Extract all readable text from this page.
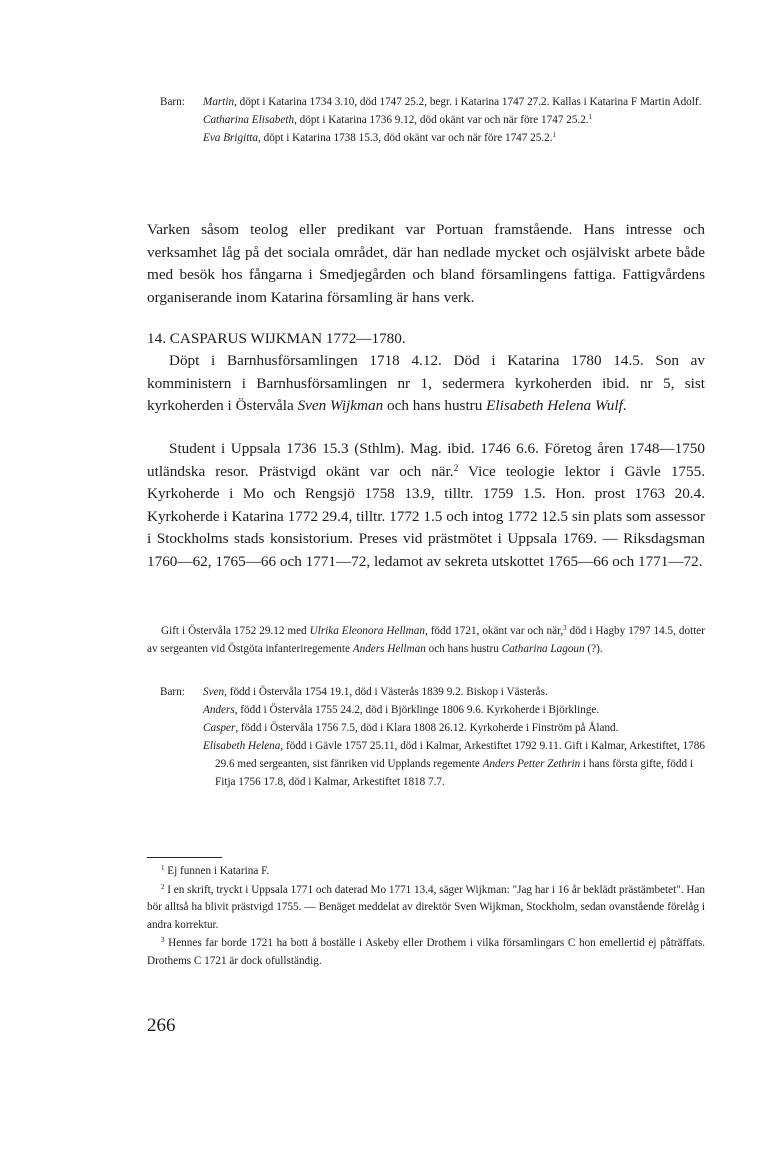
Barn: Martin, döpt i Katarina 1734 3.10, död 1747 25.2, begr. i Katarina 1747 27.2. Kallas i Katarina F Martin Adolf.
Catharina Elisabeth, döpt i Katarina 1736 9.12, död okänt var och när före 1747 25.2.$^1$
Eva Brigitta, döpt i Katarina 1738 15.3, död okänt var och när före 1747 25.2.$^1$

Varken såsom teolog eller predikant var Portuan framstående. Hans intresse och verksamhet låg på det sociala området, där han nedlade mycket och osjälviskt arbete både med besök hos fångarna i Smedjegården och bland församlingens fattiga. Fattigvårdens organiserande inom Katarina församling är hans verk.

14. CASPARUS WIJKMAN 1772—1780.

Döpt i Barnhusförsamlingen 1718 4.12. Död i Katarina 1780 14.5. Son av komministern i Barnhusförsamlingen nr 1, sedermera kyrkoherden ibid. nr 5, sist kyrkoherden i Östervåla Sven Wijkman och hans hustru Elisabeth Helena Wulf.

Student i Uppsala 1736 15.3 (Sthlm). Mag. ibid. 1746 6.6. Företog åren 1748—1750 utländska resor. Prästvigd okänt var och när.$^2$ Vice teologie lektor i Gävle 1755. Kyrkoherde i Mo och Rengsjö 1758 13.9, tilltr. 1759 1.5. Hon. prost 1763 20.4. Kyrkoherde i Katarina 1772 29.4, tilltr. 1772 1.5 och intog 1772 12.5 sin plats som assessor i Stockholms stads konsistorium. Preses vid prästmötet i Uppsala 1769. — Riksdagsman 1760—62, 1765—66 och 1771—72, ledamot av sekreta utskottet 1765—66 och 1771—72.

Gift i Östervåla 1752 29.12 med Ulrika Eleonora Hellman, född 1721, okänt var och när,$^3$ död i Hagby 1797 14.5, dotter av sergeanten vid Östgöta infanteriregemente Anders Hellman och hans hustru Catharina Lagoun (?).
Barn: Sven, född i Östervåla 1754 19.1, död i Västerås 1839 9.2. Biskop i Västerås.
Anders, född i Östervåla 1755 24.2, död i Björklinge 1806 9.6. Kyrkoherde i Björklinge.
Casper, född i Östervåla 1756 7.5, död i Klara 1808 26.12. Kyrkoherde i Finström på Åland.
Elisabeth Helena, född i Gävle 1757 25.11, död i Kalmar, Arkestiftet 1792 9.11. Gift i Kalmar, Arkestiftet, 1786 29.6 med sergeanten, sist fänriken vid Upplands regemente Anders Petter Zethrin i hans första gifte, född i Fitja 1756 17.8, död i Kalmar, Arkestiftet 1818 7.7.

$^1$ Ej funnen i Katarina F.

$^2$ I en skrift, tryckt i Uppsala 1771 och daterad Mo 1771 13.4, säger Wijkman: "Jag har i 16 år beklädt prästämbetet". Han bör alltså ha blivit prästvigd 1755. — Benäget meddelat av direktör Sven Wijkman, Stockholm, sedan ovanstående förelåg i andra korrektur.

$^3$ Hennes far borde 1721 ha bott å boställe i Askeby eller Drothem i vilka församlingars C hon emellertid ej påträffats. Drothems C 1721 är dock ofullständig.

266
